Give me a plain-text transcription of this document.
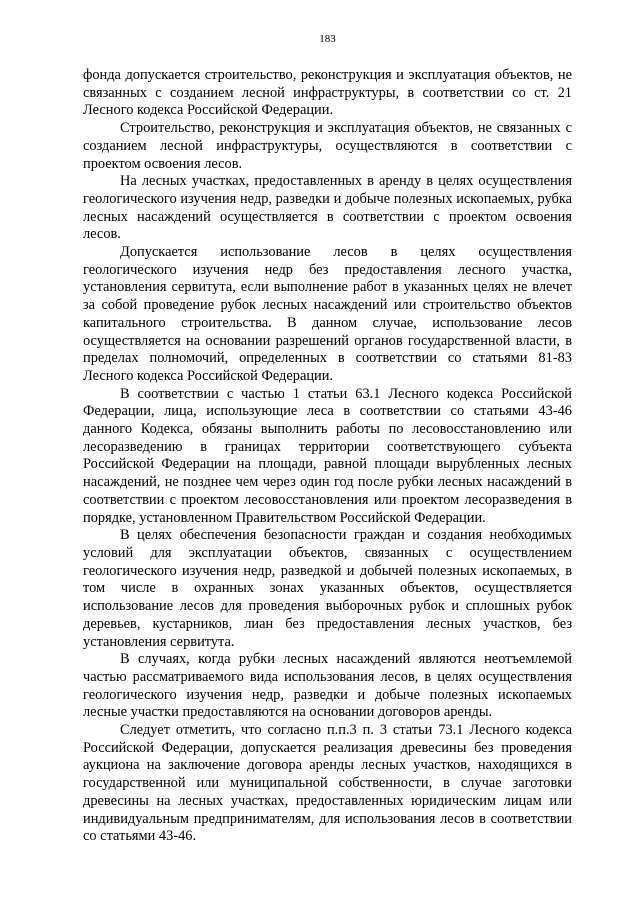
183

фонда допускается строительство, реконструкция и эксплуатация объектов, не связанных с созданием лесной инфраструктуры, в соответствии со ст. 21 Лесного кодекса Российской Федерации.

Строительство, реконструкция и эксплуатация объектов, не связанных с созданием лесной инфраструктуры, осуществляются в соответствии с проектом освоения лесов.

На лесных участках, предоставленных в аренду в целях осуществления геологического изучения недр, разведки и добыче полезных ископаемых, рубка лесных насаждений осуществляется в соответствии с проектом освоения лесов.

Допускается использование лесов в целях осуществления геологического изучения недр без предоставления лесного участка, установления сервитута, если выполнение работ в указанных целях не влечет за собой проведение рубок лесных насаждений или строительство объектов капитального строительства. В данном случае, использование лесов осуществляется на основании разрешений органов государственной власти, в пределах полномочий, определенных в соответствии со статьями 81-83 Лесного кодекса Российской Федерации.

В соответствии с частью 1 статьи 63.1 Лесного кодекса Российской Федерации, лица, использующие леса в соответствии со статьями 43-46 данного Кодекса, обязаны выполнить работы по лесовосстановлению или лесоразведению в границах территории соответствующего субъекта Российской Федерации на площади, равной площади вырубленных лесных насаждений, не позднее чем через один год после рубки лесных насаждений в соответствии с проектом лесовосстановления или проектом лесоразведения в порядке, установленном Правительством Российской Федерации.

В целях обеспечения безопасности граждан и создания необходимых условий для эксплуатации объектов, связанных с осуществлением геологического изучения недр, разведкой и добычей полезных ископаемых, в том числе в охранных зонах указанных объектов, осуществляется использование лесов для проведения выборочных рубок и сплошных рубок деревьев, кустарников, лиан без предоставления лесных участков, без установления сервитута.

В случаях, когда рубки лесных насаждений являются неотъемлемой частью рассматриваемого вида использования лесов, в целях осуществления геологического изучения недр, разведки и добыче полезных ископаемых лесные участки предоставляются на основании договоров аренды.

Следует отметить, что согласно п.п.3 п. 3 статьи 73.1 Лесного кодекса Российской Федерации, допускается реализация древесины без проведения аукциона на заключение договора аренды лесных участков, находящихся в государственной или муниципальной собственности, в случае заготовки древесины на лесных участках, предоставленных юридическим лицам или индивидуальным предпринимателям, для использования лесов в соответствии со статьями 43-46.
